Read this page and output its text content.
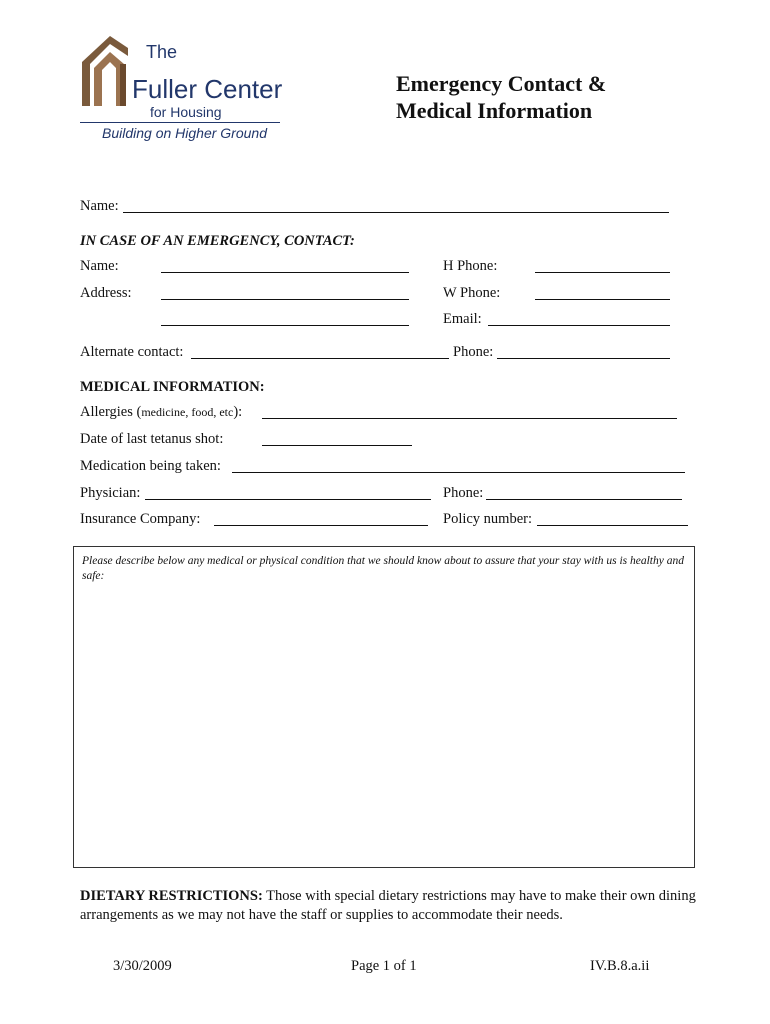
The
Fuller Center
for Housing
Building on Higher Ground
Emergency Contact &
Medical Information
Name:
IN CASE OF AN EMERGENCY, CONTACT:
Name:	H Phone:
Address:	W Phone:
Email:
Alternate contact:	Phone:
MEDICAL INFORMATION:
Allergies (medicine, food, etc):
Date of last tetanus shot:
Medication being taken:
Physician:	Phone:
Insurance Company:	Policy number:
Please describe below any medical or physical condition that we should know about to assure that your stay with us is healthy and safe:
DIETARY RESTRICTIONS: Those with special dietary restrictions may have to make their own dining arrangements as we may not have the staff or supplies to accommodate their needs.
3/30/2009	Page 1 of 1	IV.B.8.a.ii
